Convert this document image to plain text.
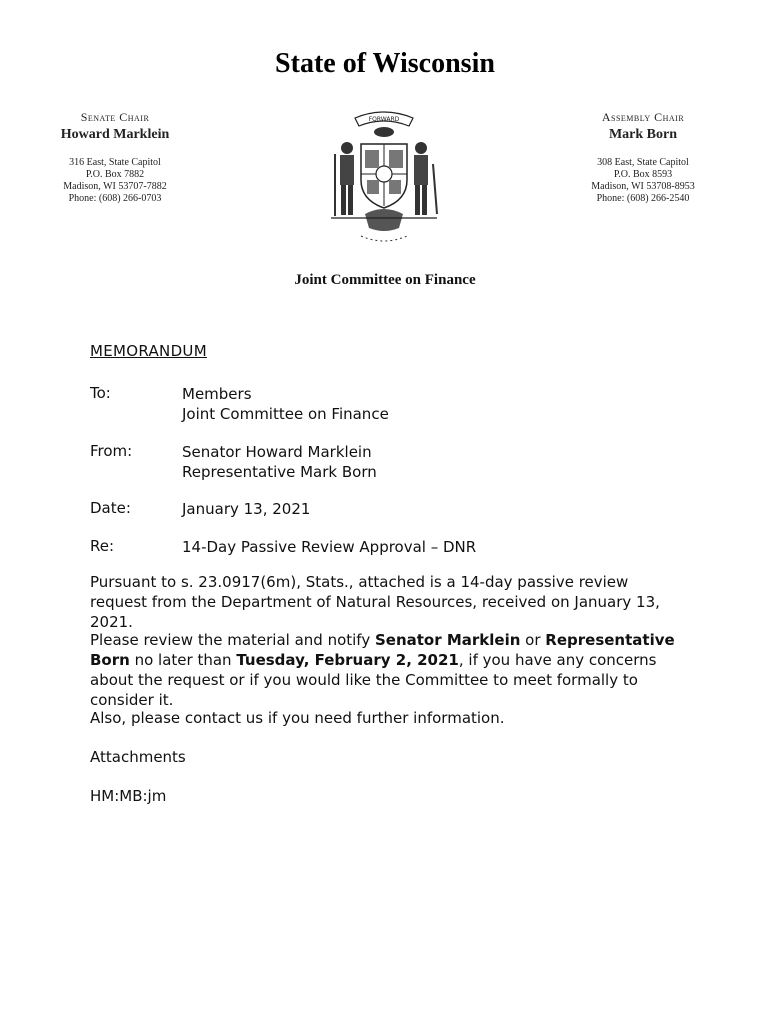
State of Wisconsin
Senate Chair
Howard Marklein
316 East, State Capitol
P.O. Box 7882
Madison, WI 53707-7882
Phone: (608) 266-0703
Assembly Chair
Mark Born
308 East, State Capitol
P.O. Box 8593
Madison, WI 53708-8953
Phone: (608) 266-2540
FORWARD
Joint Committee on Finance
MEMORANDUM
To:	Members
Joint Committee on Finance
From:	Senator Howard Marklein
Representative Mark Born
Date:	January 13, 2021
Re:	14-Day Passive Review Approval – DNR
Pursuant to s. 23.0917(6m), Stats., attached is a 14-day passive review request from the Department of Natural Resources, received on January 13, 2021.
Please review the material and notify Senator Marklein or Representative Born no later than Tuesday, February 2, 2021, if you have any concerns about the request or if you would like the Committee to meet formally to consider it.
Also, please contact us if you need further information.
Attachments
HM:MB:jm
